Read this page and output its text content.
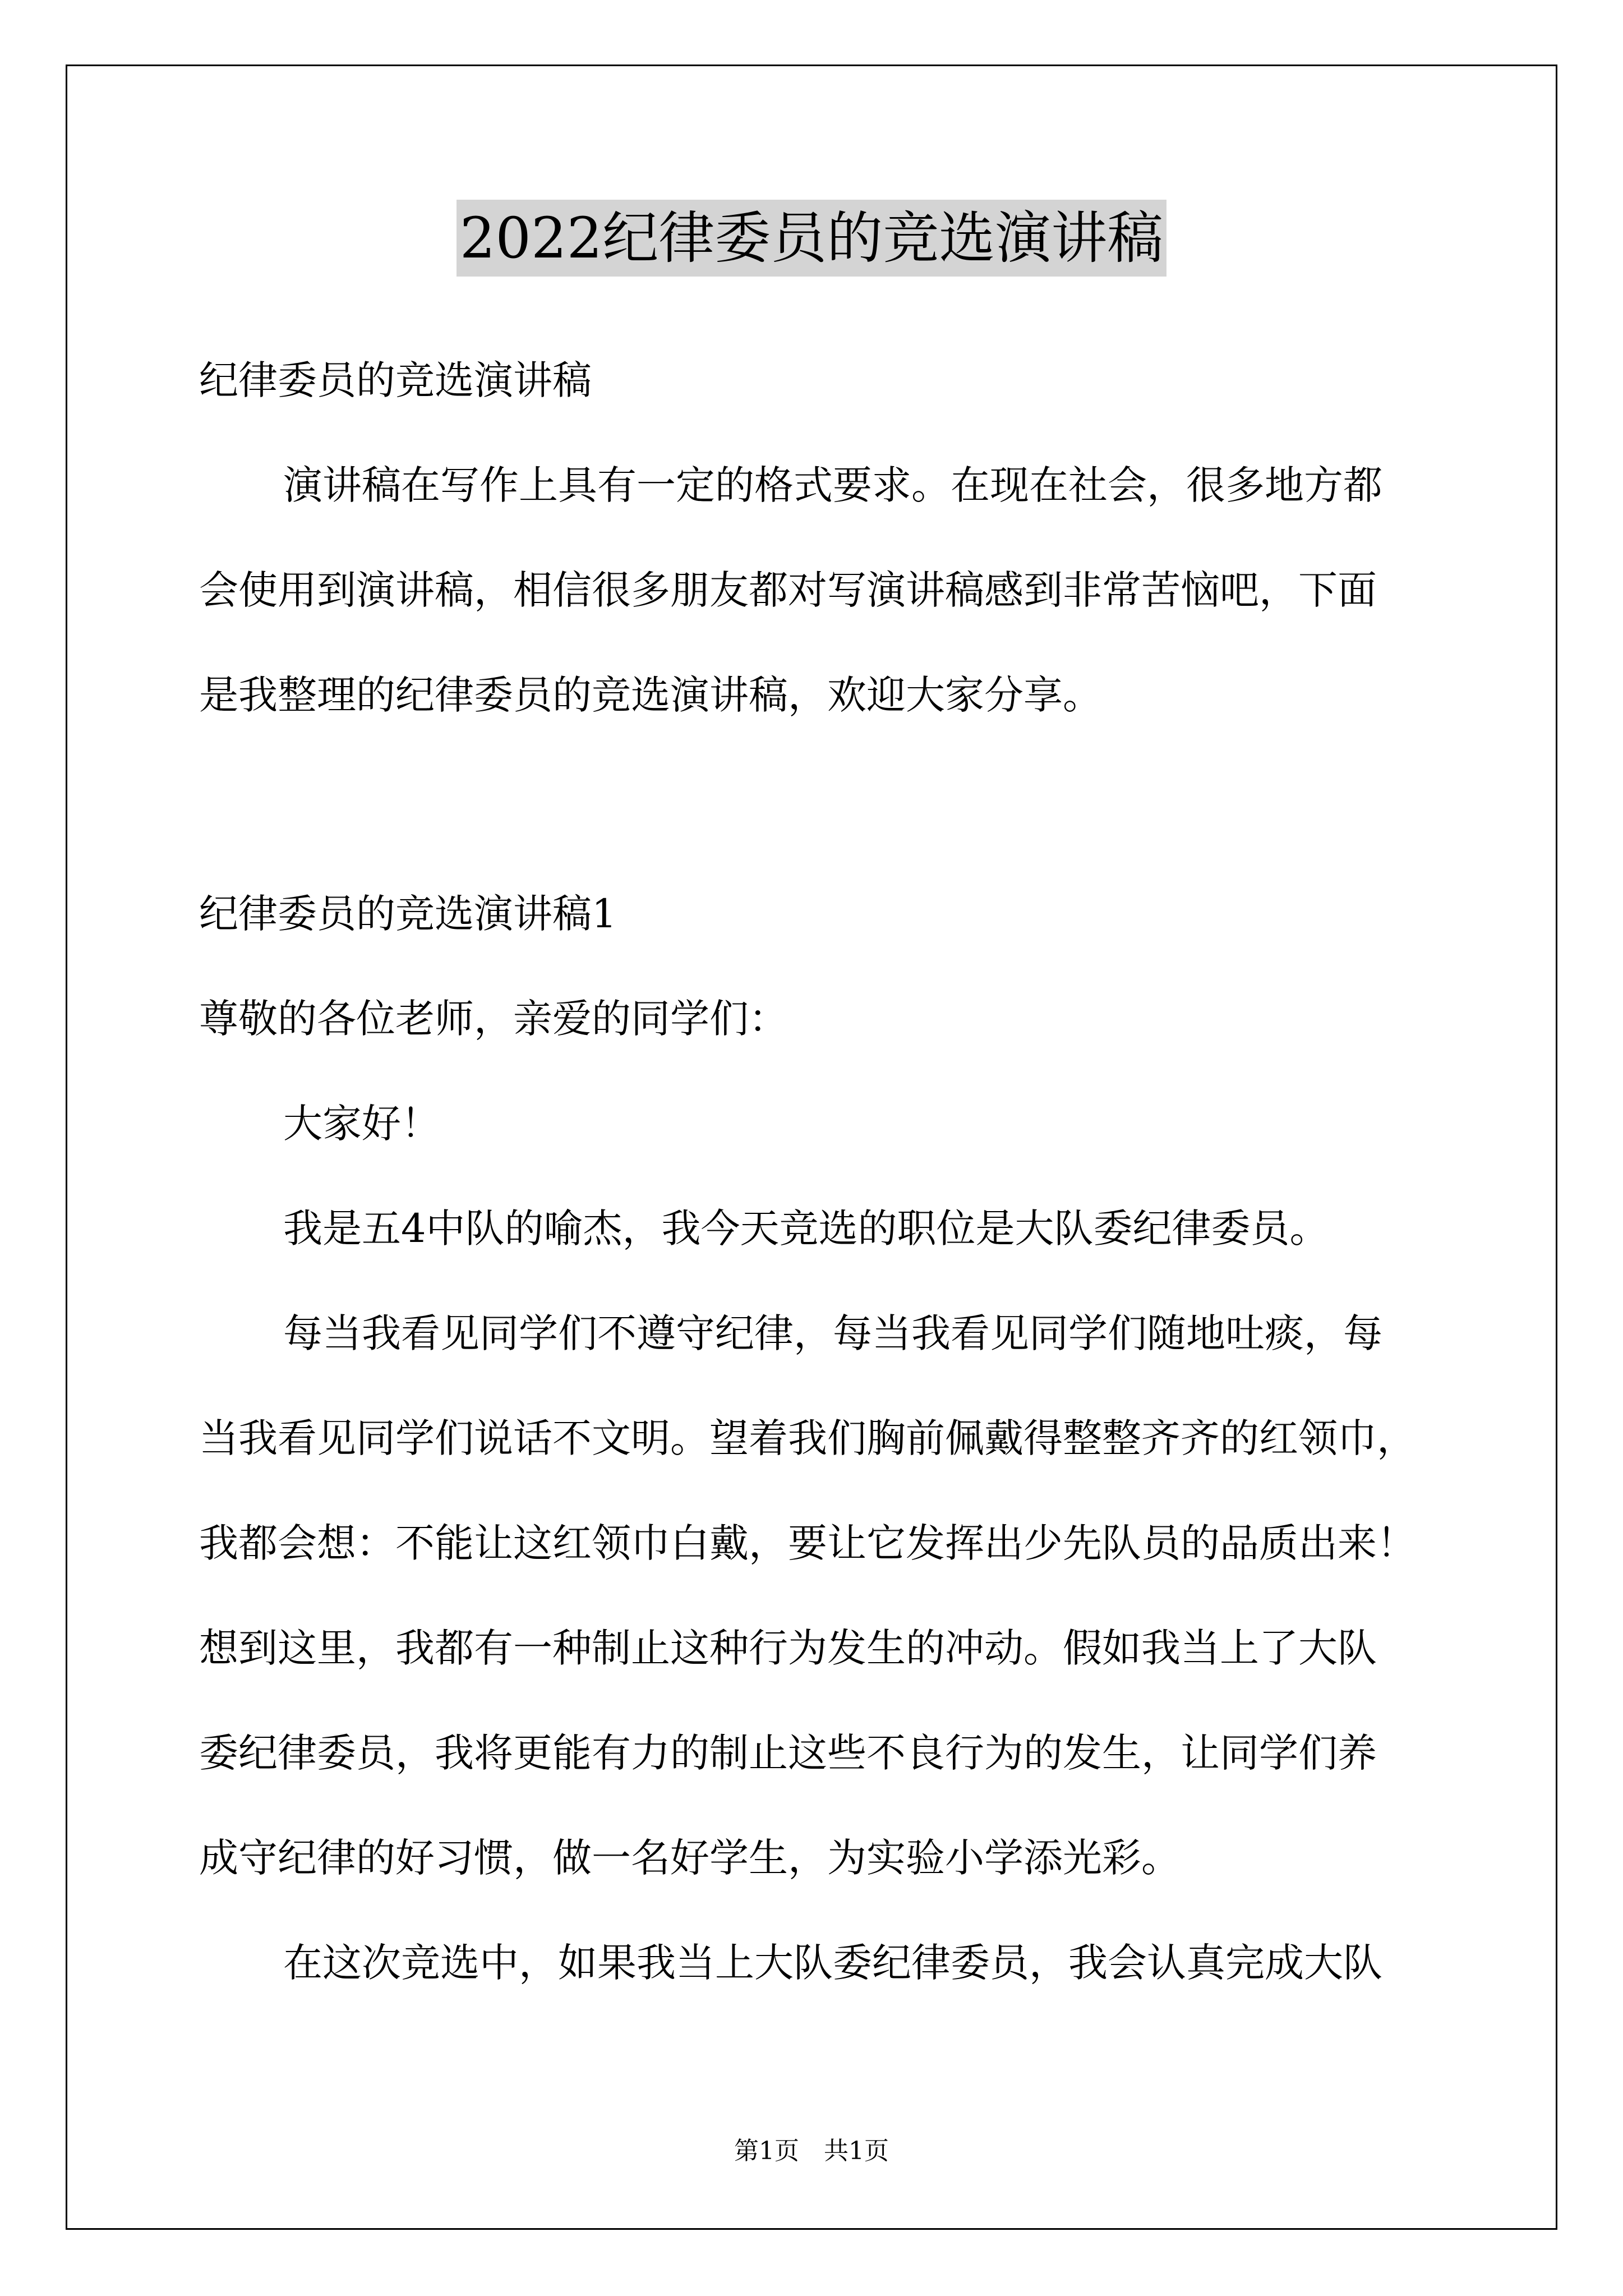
2022纪律委员的竞选演讲稿
纪律委员的竞选演讲稿
演讲稿在写作上具有一定的格式要求。在现在社会，很多地方都
会使用到演讲稿，相信很多朋友都对写演讲稿感到非常苦恼吧，下面
是我整理的纪律委员的竞选演讲稿，欢迎大家分享。
纪律委员的竞选演讲稿1
尊敬的各位老师，亲爱的同学们：
大家好！
我是五4中队的喻杰，我今天竞选的职位是大队委纪律委员。
每当我看见同学们不遵守纪律，每当我看见同学们随地吐痰，每
当我看见同学们说话不文明。望着我们胸前佩戴得整整齐齐的红领巾，
我都会想：不能让这红领巾白戴，要让它发挥出少先队员的品质出来！
想到这里，我都有一种制止这种行为发生的冲动。假如我当上了大队
委纪律委员，我将更能有力的制止这些不良行为的发生，让同学们养
成守纪律的好习惯，做一名好学生，为实验小学添光彩。
在这次竞选中，如果我当上大队委纪律委员，我会认真完成大队
第1页　共1页
